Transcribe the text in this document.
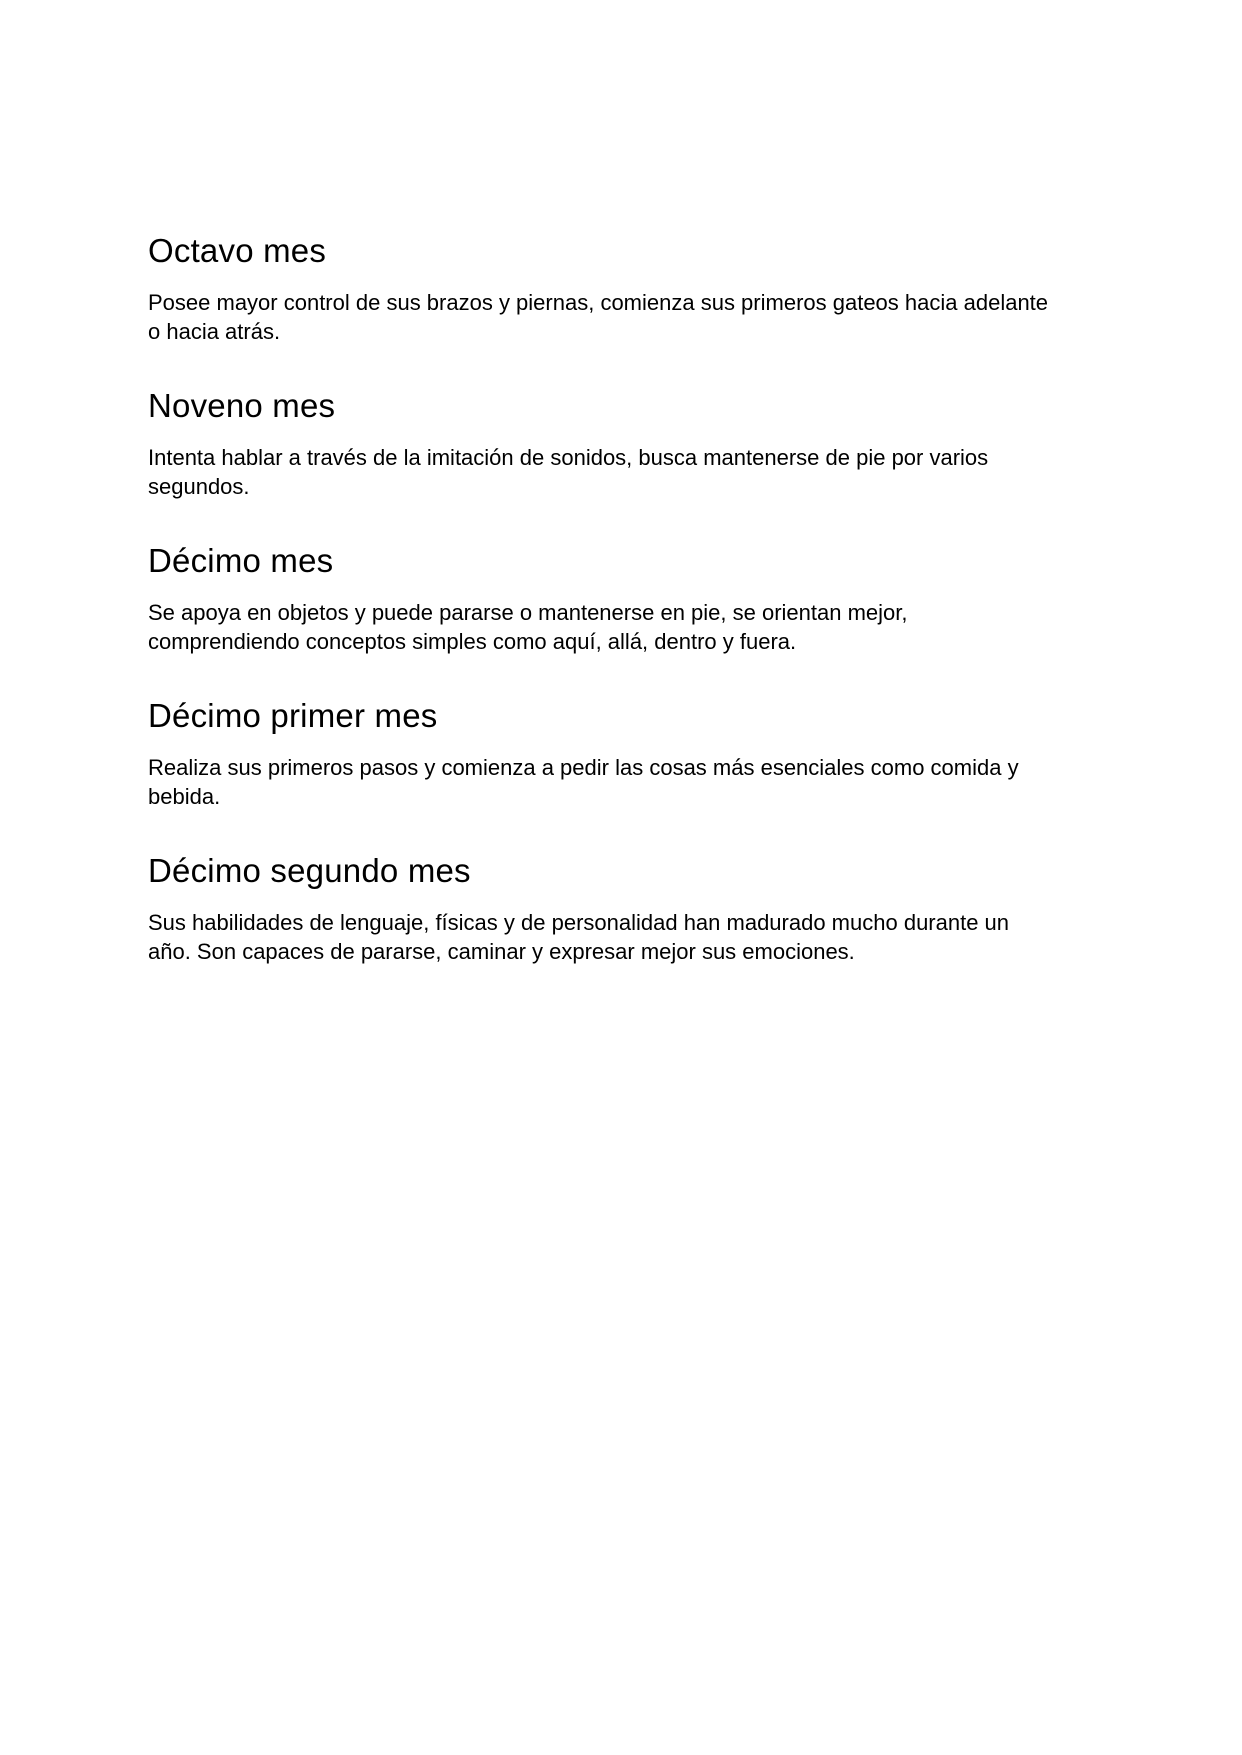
Octavo mes

Posee mayor control de sus brazos y piernas, comienza sus primeros gateos hacia adelante
o hacia atrás.

Noveno mes

Intenta hablar a través de la imitación de sonidos, busca mantenerse de pie por varios
segundos.

Décimo mes

Se apoya en objetos y puede pararse o mantenerse en pie, se orientan mejor,
comprendiendo conceptos simples como aquí, allá, dentro y fuera.

Décimo primer mes

Realiza sus primeros pasos y comienza a pedir las cosas más esenciales como comida y
bebida.

Décimo segundo mes

Sus habilidades de lenguaje, físicas y de personalidad han madurado mucho durante un
año. Son capaces de pararse, caminar y expresar mejor sus emociones.
